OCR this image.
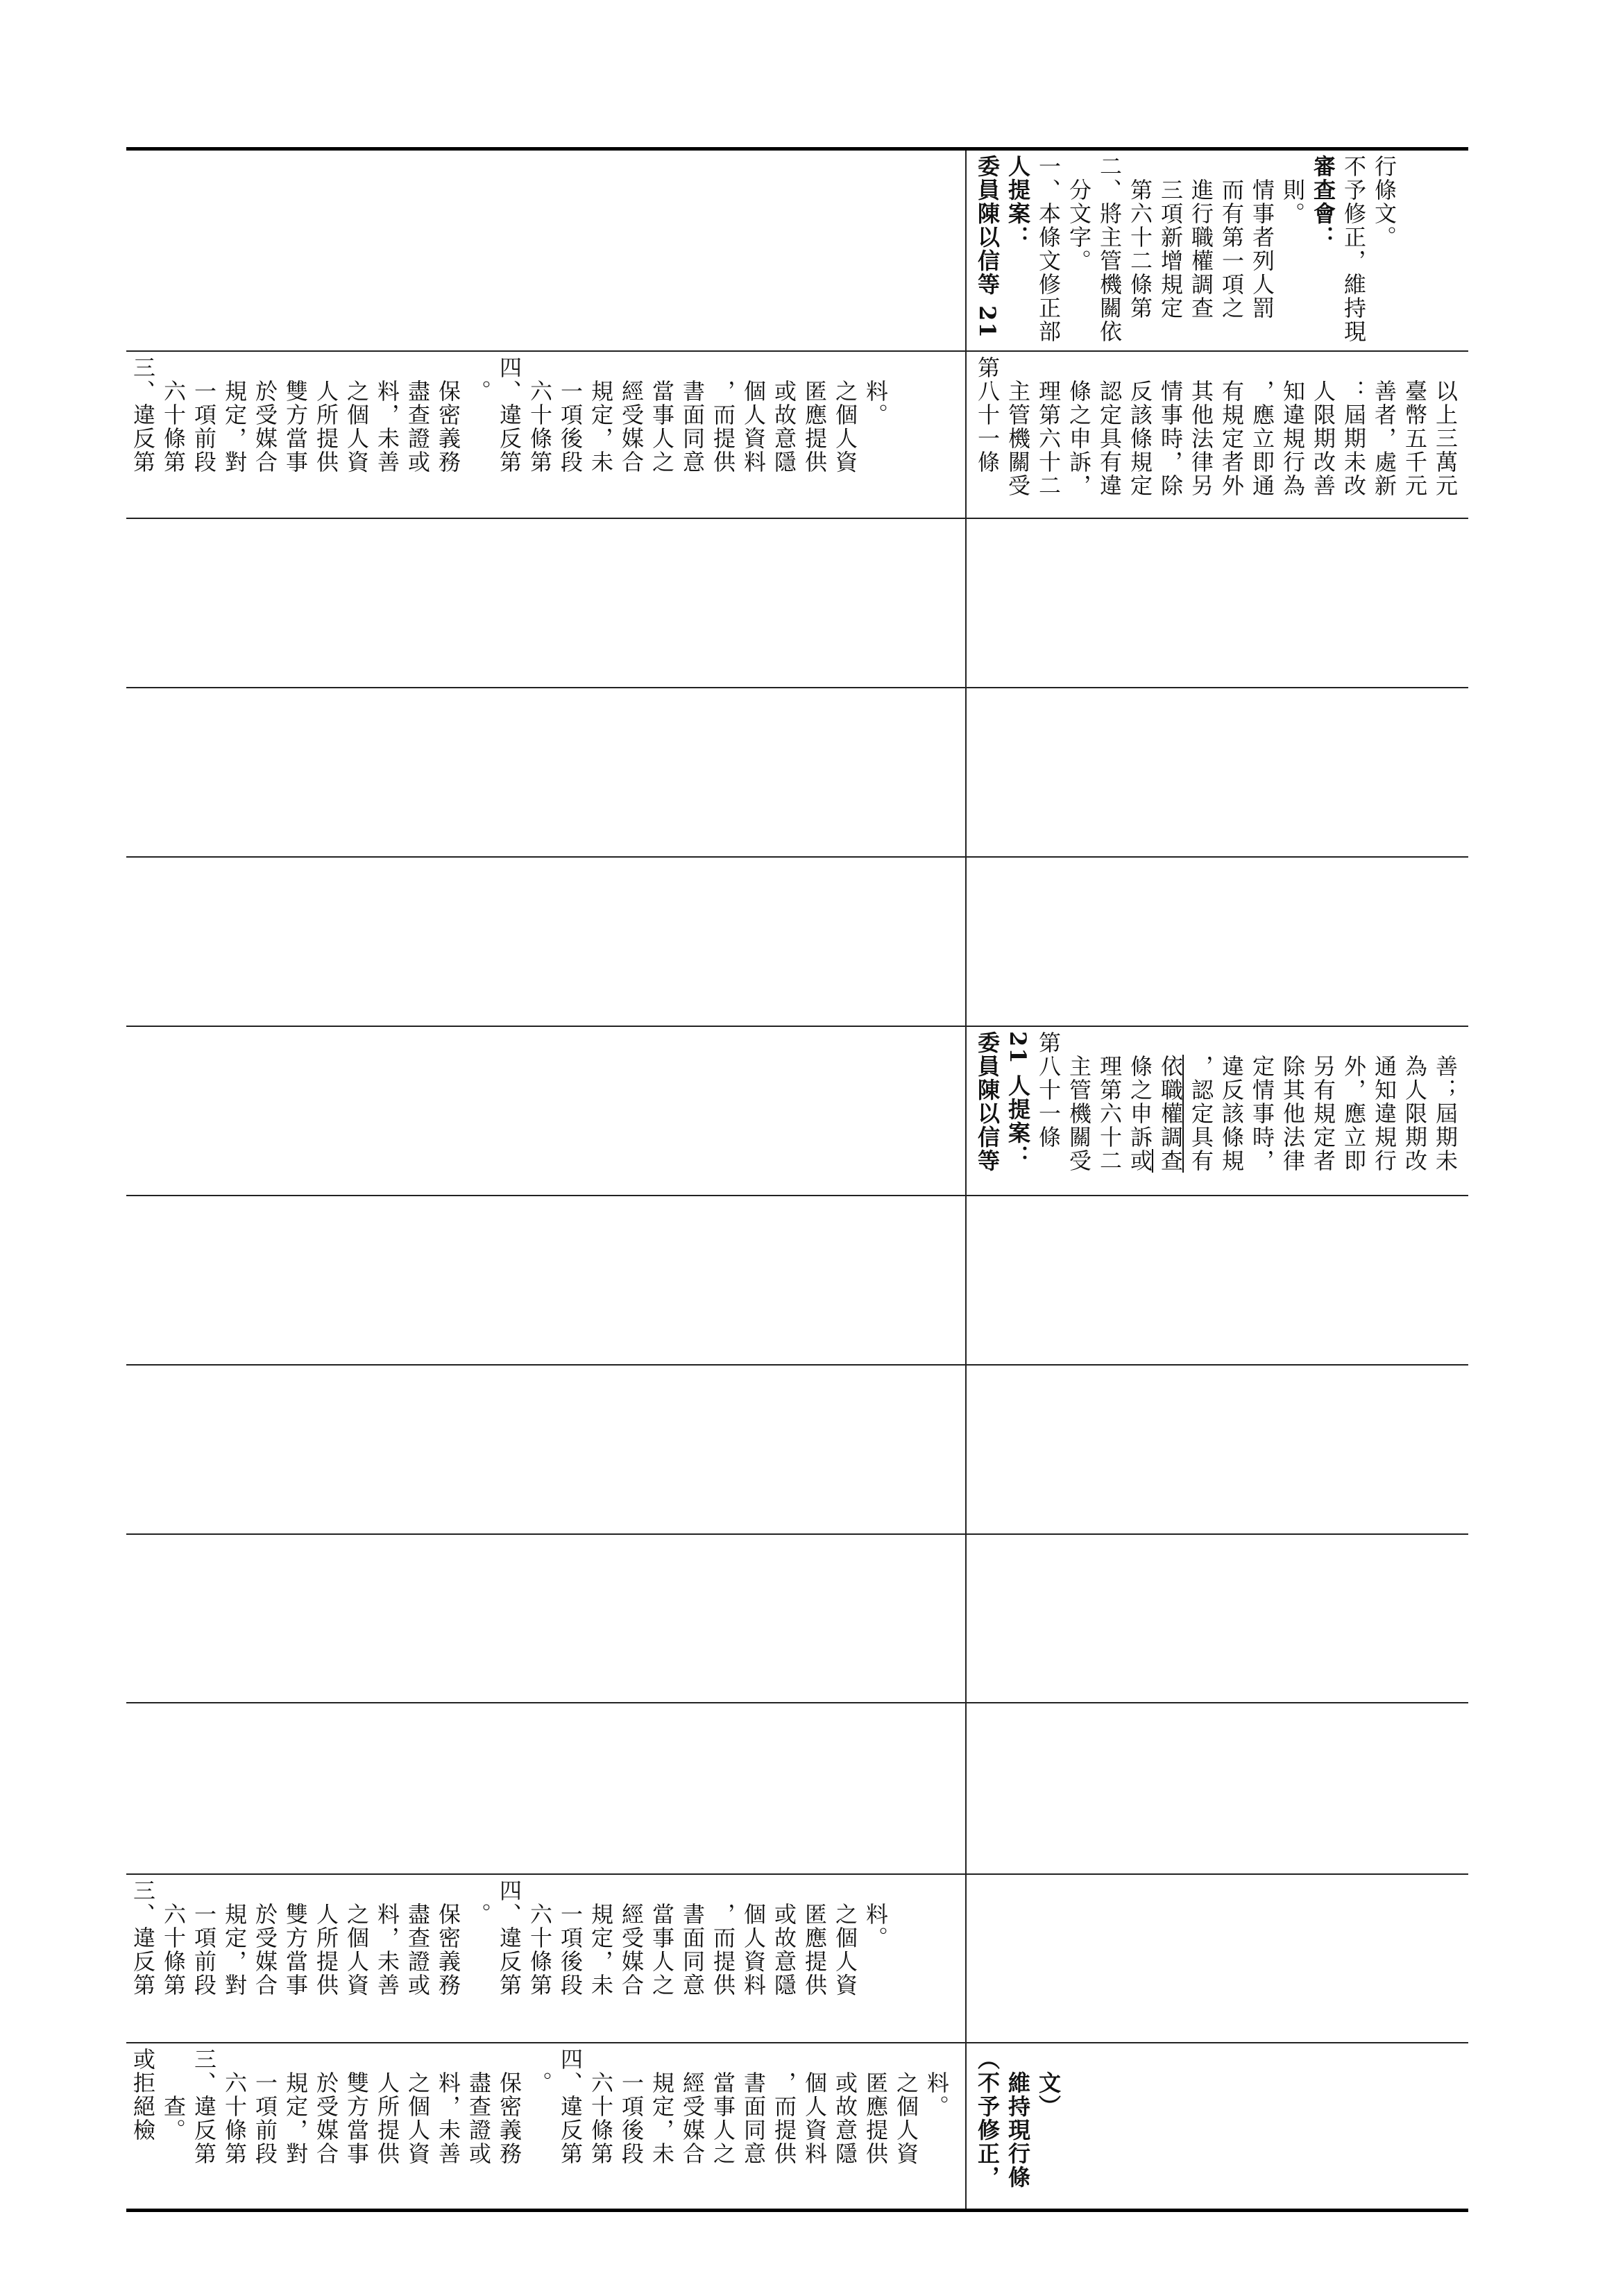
委員陳以信等 21 人提案： 一、本條文修正部 分文字。 二、將主管機關依 第六十二條第 三項新增規定 進行職權調查 而有第一項之 情事者列人罰 則。 審查會： 不予修正，維持現 行條文。
三、違反第 六十條第 一項前段 規定，對 於受媒合 雙方當事 人所提供 之個人資 料，未善 盡查證或 保密義務 。 四、違反第 六十條第 一項後段 規定，未 經受媒合 當事人之 書面同意 ，而提供 個人資料 或故意隱 匿應提供 之個人資 料。	第八十一條 主管機關受 理第六十二 條之申訴， 認定具有違 反該條規定 情事時，除 其他法律另 有規定者外 ，應立即通 知違規行為 人限期改善 ：屆期未改 善者，處新 臺幣五千元 以上三萬元
委員陳以信等 21 人提案： 第八十一條 主管機關受 理第六十二 條之申訴或 依職權調查 ，認定具有 違反該條規 定情事時， 除其他法律 另有規定者 外，應立即 通知違規行 為人限期改 善；屆期未
三、違反第 六十條第 一項前段 規定，對 於受媒合 雙方當事 人所提供 之個人資 料，未善 盡查證或 保密義務 。 四、違反第 六十條第 一項後段 規定，未 經受媒合 當事人之 書面同意 ，而提供 個人資料 或故意隱 匿應提供 之個人資 料。
或拒絕檢 查。 三、違反第 六十條第 一項前段 規定，對 於受媒合 雙方當事 人所提供 之個人資 料，未善 盡查證或 保密義務 。 四、違反第 六十條第 一項後段 規定，未 經受媒合 當事人之 書面同意 ，而提供 個人資料 或故意隱 匿應提供 之個人資 料。 （不予修正， 維持現行條 文）
